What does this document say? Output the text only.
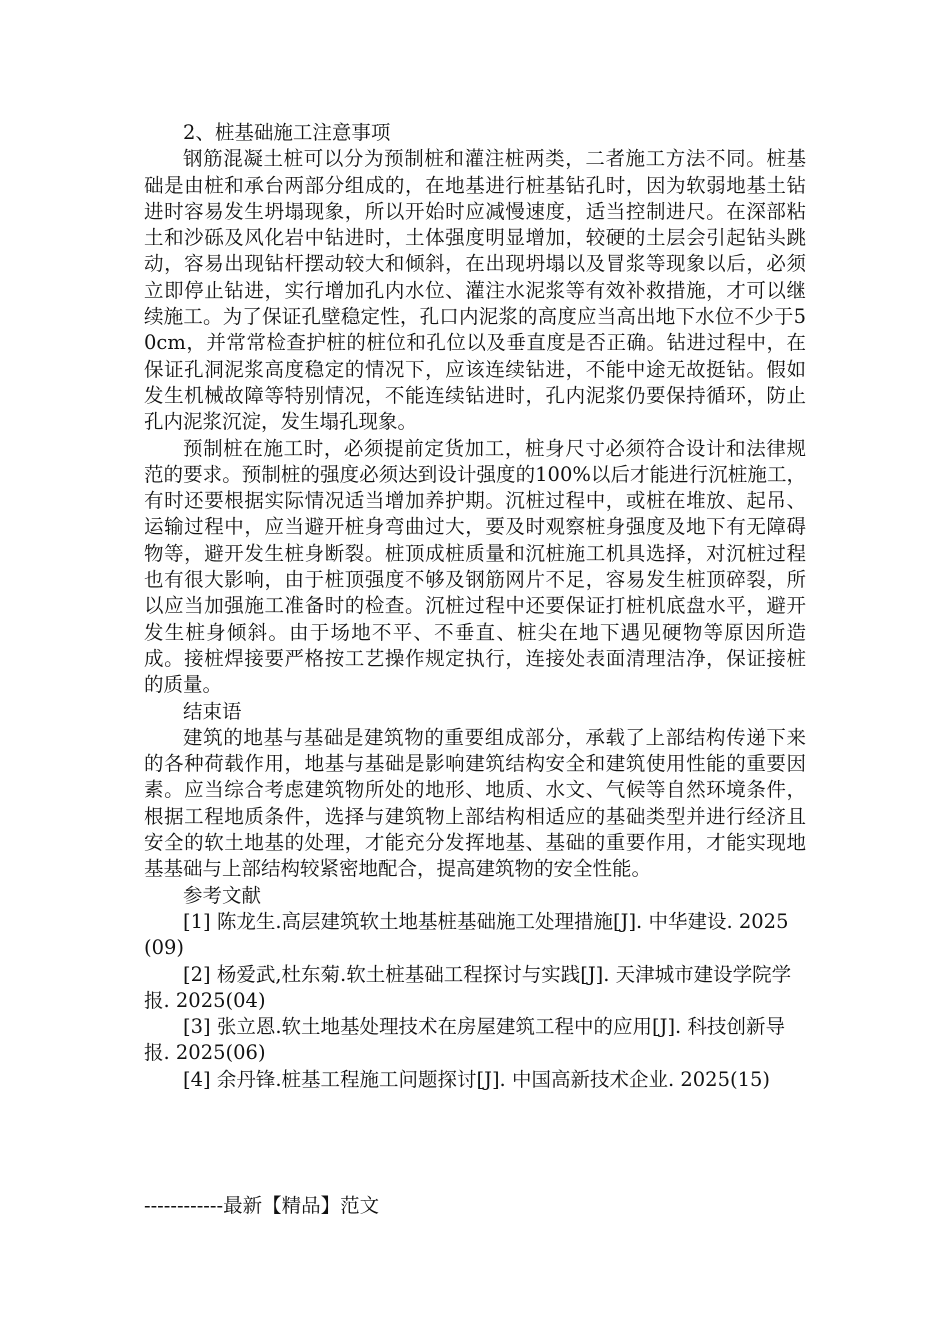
2、桩基础施工注意事项

钢筋混凝土桩可以分为预制桩和灌注桩两类，二者施工方法不同。桩基础是由桩和承台两部分组成的，在地基进行桩基钻孔时，因为软弱地基土钻进时容易发生坍塌现象，所以开始时应减慢速度，适当控制进尺。在深部粘土和沙砾及风化岩中钻进时，土体强度明显增加，较硬的土层会引起钻头跳动，容易出现钻杆摆动较大和倾斜，在出现坍塌以及冒浆等现象以后，必须立即停止钻进，实行增加孔内水位、灌注水泥浆等有效补救措施，才可以继续施工。为了保证孔壁稳定性，孔口内泥浆的高度应当高出地下水位不少于50cm，并常常检查护桩的桩位和孔位以及垂直度是否正确。钻进过程中，在保证孔洞泥浆高度稳定的情况下，应该连续钻进，不能中途无故挺钻。假如发生机械故障等特别情况，不能连续钻进时，孔内泥浆仍要保持循环，防止孔内泥浆沉淀，发生塌孔现象。

预制桩在施工时，必须提前定货加工，桩身尺寸必须符合设计和法律规范的要求。预制桩的强度必须达到设计强度的100%以后才能进行沉桩施工，有时还要根据实际情况适当增加养护期。沉桩过程中，或桩在堆放、起吊、运输过程中，应当避开桩身弯曲过大，要及时观察桩身强度及地下有无障碍物等，避开发生桩身断裂。桩顶成桩质量和沉桩施工机具选择，对沉桩过程也有很大影响，由于桩顶强度不够及钢筋网片不足，容易发生桩顶碎裂，所以应当加强施工准备时的检查。沉桩过程中还要保证打桩机底盘水平，避开发生桩身倾斜。由于场地不平、不垂直、桩尖在地下遇见硬物等原因所造成。接桩焊接要严格按工艺操作规定执行，连接处表面清理洁净，保证接桩的质量。

结束语

建筑的地基与基础是建筑物的重要组成部分，承载了上部结构传递下来的各种荷载作用，地基与基础是影响建筑结构安全和建筑使用性能的重要因素。应当综合考虑建筑物所处的地形、地质、水文、气候等自然环境条件，根据工程地质条件，选择与建筑物上部结构相适应的基础类型并进行经济且安全的软土地基的处理，才能充分发挥地基、基础的重要作用，才能实现地基基础与上部结构较紧密地配合，提高建筑物的安全性能。

参考文献

[1] 陈龙生.高层建筑软土地基桩基础施工处理措施[J]. 中华建设. 2025(09)

[2] 杨爱武,杜东菊.软土桩基础工程探讨与实践[J]. 天津城市建设学院学报. 2025(04)

[3] 张立恩.软土地基处理技术在房屋建筑工程中的应用[J]. 科技创新导报. 2025(06)

[4] 余丹锋.桩基工程施工问题探讨[J]. 中国高新技术企业. 2025(15)

------------最新【精品】范文
